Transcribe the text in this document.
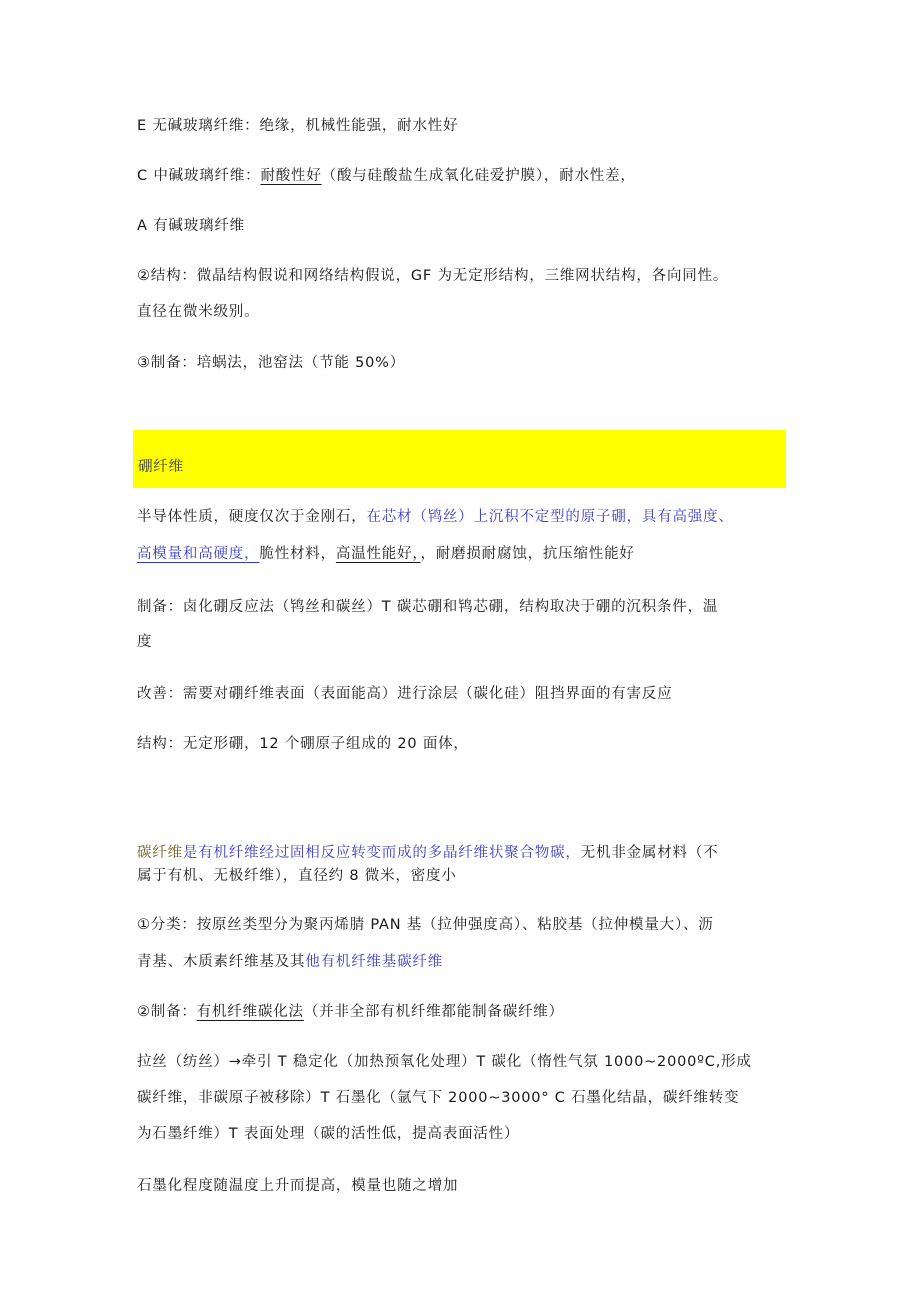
E 无碱玻璃纤维：绝缘，机械性能强，耐水性好
C 中碱玻璃纤维：耐酸性好（酸与硅酸盐生成氧化硅爱护膜），耐水性差，
A 有碱玻璃纤维
②结构：微晶结构假说和网络结构假说，GF 为无定形结构，三维网状结构，各向同性。
直径在微米级别。
③制备：培蜗法，池窑法（节能 50%）
硼纤维
半导体性质，硬度仅次于金刚石，在芯材（鸨丝）上沉积不定型的原子硼，具有高强度、
高模量和高硬度，脆性材料，高温性能好，，耐磨损耐腐蚀，抗压缩性能好
制备：卤化硼反应法（鸨丝和碳丝）T 碳芯硼和鸨芯硼，结构取决于硼的沉积条件，温
度
改善：需要对硼纤维表面（表面能高）进行涂层（碳化硅）阻挡界面的有害反应
结构：无定形硼，12 个硼原子组成的 20 面体，
碳纤维是有机纤维经过固相反应转变而成的多晶纤维状聚合物碳，无机非金属材料（不
属于有机、无极纤维），直径约 8 微米，密度小
①分类：按原丝类型分为聚丙烯腈 PAN 基（拉伸强度高）、粘胶基（拉伸模量大）、沥
青基、木质素纤维基及其他有机纤维基碳纤维
②制备：有机纤维碳化法（并非全部有机纤维都能制备碳纤维）
拉丝（纺丝）→牵引 T 稳定化（加热预氧化处理）T 碳化（惰性气氛 1000~2000ºC,形成
碳纤维，非碳原子被移除）T 石墨化（氩气下 2000~3000° C 石墨化结晶，碳纤维转变
为石墨纤维）T 表面处理（碳的活性低，提高表面活性）
石墨化程度随温度上升而提高，模量也随之增加
